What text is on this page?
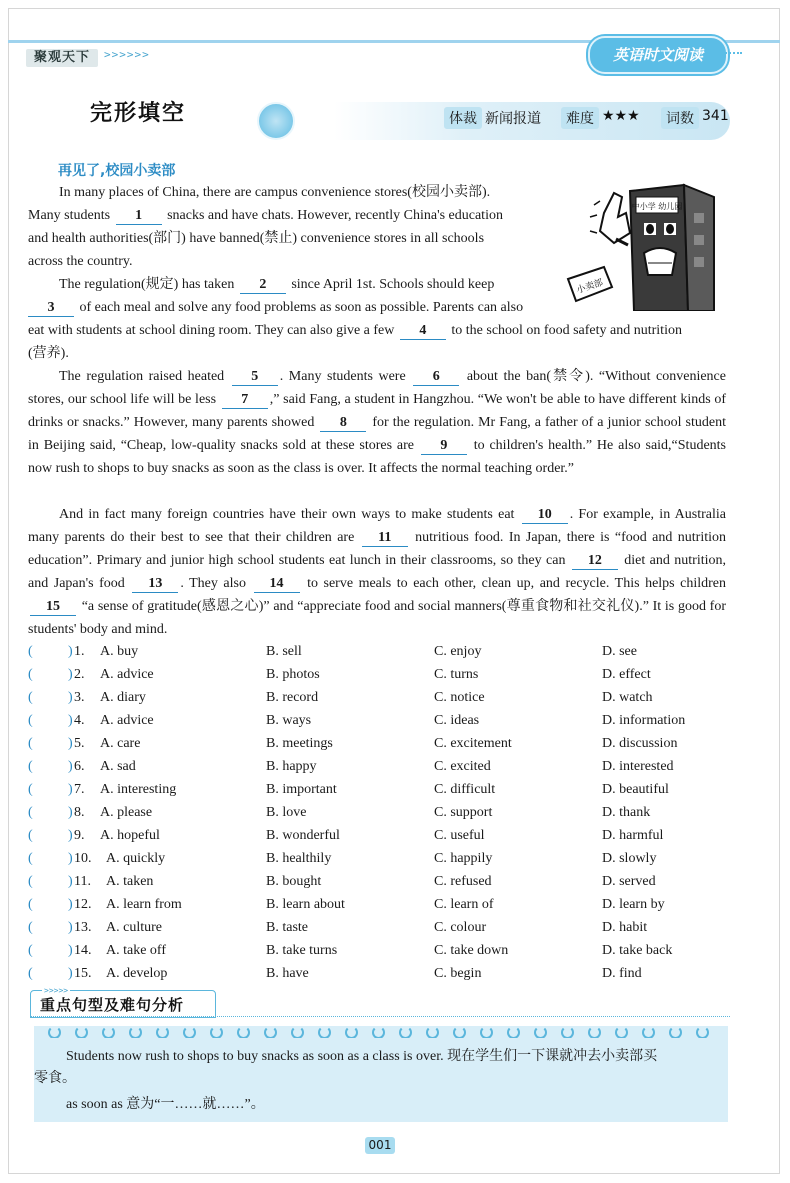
聚观天下	>>>>>>	英语时文阅读
完形填空	体裁 新闻报道	难度 ★★★	词数 341
再见了,校园小卖部
中小学 幼儿园
小卖部
In many places of China, there are campus convenience stores(校园小卖部).
Many students 1 snacks and have chats. However, recently China's education
and health authorities(部门) have banned(禁止) convenience stores in all schools
across the country.
The regulation(规定) has taken 2 since April 1st. Schools should keep
3 of each meal and solve any food problems as soon as possible. Parents can also
eat with students at school dining room. They can also give a few 4 to the school on food safety and nutrition
(营养).
The regulation raised heated 5 . Many students were 6 about the ban(禁令). “Without convenience stores, our school life will be less 7 ,” said Fang, a student in Hangzhou. “We won't be able to have different kinds of drinks or snacks.” However, many parents showed 8 for the regulation. Mr Fang, a father of a junior school student in Beijing said, “Cheap, low-quality snacks sold at these stores are 9 to children's health.” He also said,“Students now rush to shops to buy snacks as soon as the class is over. It affects the normal teaching order.”
And in fact many foreign countries have their own ways to make students eat 10 . For example, in Australia many parents do their best to see that their children are 11 nutritious food. In Japan, there is “food and nutrition education”. Primary and junior high school students eat lunch in their classrooms, so they can 12 diet and nutrition, and Japan's food 13 . They also 14 to serve meals to each other, clean up, and recycle. This helps children 15 “a sense of gratitude(感恩之心)” and “appreciate food and social manners(尊重食物和社交礼仪).” It is good for students' body and mind.
(	) 1. A. buy	B. sell	C. enjoy	D. see
(	) 2. A. advice	B. photos	C. turns	D. effect
(	) 3. A. diary	B. record	C. notice	D. watch
(	) 4. A. advice	B. ways	C. ideas	D. information
(	) 5. A. care	B. meetings	C. excitement	D. discussion
(	) 6. A. sad	B. happy	C. excited	D. interested
(	) 7. A. interesting	B. important	C. difficult	D. beautiful
(	) 8. A. please	B. love	C. support	D. thank
(	) 9. A. hopeful	B. wonderful	C. useful	D. harmful
(	) 10. A. quickly	B. healthily	C. happily	D. slowly
(	) 11. A. taken	B. bought	C. refused	D. served
(	) 12. A. learn from	B. learn about	C. learn of	D. learn by
(	) 13. A. culture	B. taste	C. colour	D. habit
(	) 14. A. take off	B. take turns	C. take down	D. take back
(	) 15. A. develop	B. have	C. begin	D. find
>>>>>
重点句型及难句分析
Students now rush to shops to buy snacks as soon as a class is over. 现在学生们一下课就冲去小卖部买
零食。
as soon as 意为“一……就……”。
001
